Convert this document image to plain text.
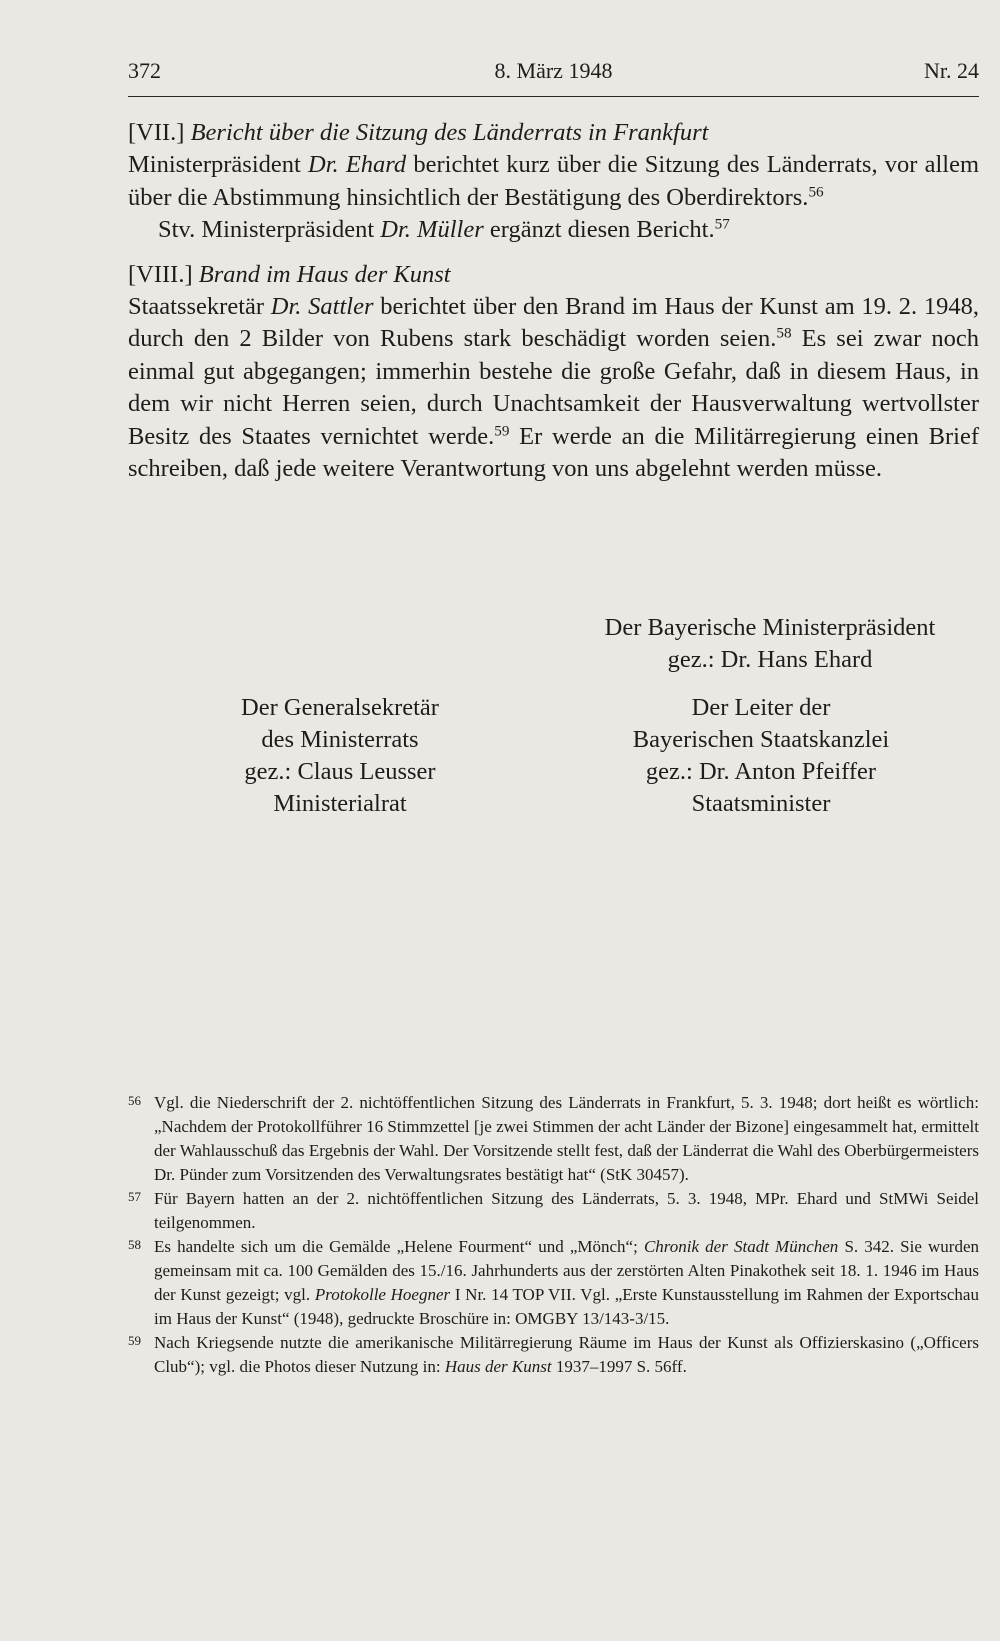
372	8. März 1948	Nr. 24

[VII.] Bericht über die Sitzung des Länderrats in Frankfurt

Ministerpräsident Dr. Ehard berichtet kurz über die Sitzung des Länderrats, vor allem über die Abstimmung hinsichtlich der Bestätigung des Oberdirektors.$^{56}$

Stv. Ministerpräsident Dr. Müller ergänzt diesen Bericht.$^{57}$

[VIII.] Brand im Haus der Kunst

Staatssekretär Dr. Sattler berichtet über den Brand im Haus der Kunst am 19. 2. 1948, durch den 2 Bilder von Rubens stark beschädigt worden seien.$^{58}$ Es sei zwar noch einmal gut abgegangen; immerhin bestehe die große Gefahr, daß in diesem Haus, in dem wir nicht Herren seien, durch Unachtsamkeit der Hausverwaltung wertvollster Besitz des Staates vernichtet werde.$^{59}$ Er werde an die Militärregierung einen Brief schreiben, daß jede weitere Verantwortung von uns abgelehnt werden müsse.

Der Bayerische Ministerpräsident
gez.: Dr. Hans Ehard
Der Generalsekretär
des Ministerrats
gez.: Claus Leusser
Ministerialrat
Der Leiter der
Bayerischen Staatskanzlei
gez.: Dr. Anton Pfeiffer
Staatsminister
56 Vgl. die Niederschrift der 2. nichtöffentlichen Sitzung des Länderrats in Frankfurt, 5. 3. 1948; dort heißt es wörtlich: „Nachdem der Protokollführer 16 Stimmzettel [je zwei Stimmen der acht Länder der Bizone] eingesammelt hat, ermittelt der Wahlausschuß das Ergebnis der Wahl. Der Vorsitzende stellt fest, daß der Länderrat die Wahl des Oberbürgermeisters Dr. Pünder zum Vorsitzenden des Verwaltungsrates bestätigt hat“ (StK 30457).
57 Für Bayern hatten an der 2. nichtöffentlichen Sitzung des Länderrats, 5. 3. 1948, MPr. Ehard und StMWi Seidel teilgenommen.
58 Es handelte sich um die Gemälde „Helene Fourment“ und „Mönch“; Chronik der Stadt München S. 342. Sie wurden gemeinsam mit ca. 100 Gemälden des 15./16. Jahrhunderts aus der zerstörten Alten Pinakothek seit 18. 1. 1946 im Haus der Kunst gezeigt; vgl. Protokolle Hoegner I Nr. 14 TOP VII. Vgl. „Erste Kunstausstellung im Rahmen der Exportschau im Haus der Kunst“ (1948), gedruckte Broschüre in: OMGBY 13/143-3/15.
59 Nach Kriegsende nutzte die amerikanische Militärregierung Räume im Haus der Kunst als Offizierskasino („Officers Club“); vgl. die Photos dieser Nutzung in: Haus der Kunst 1937–1997 S. 56ff.
